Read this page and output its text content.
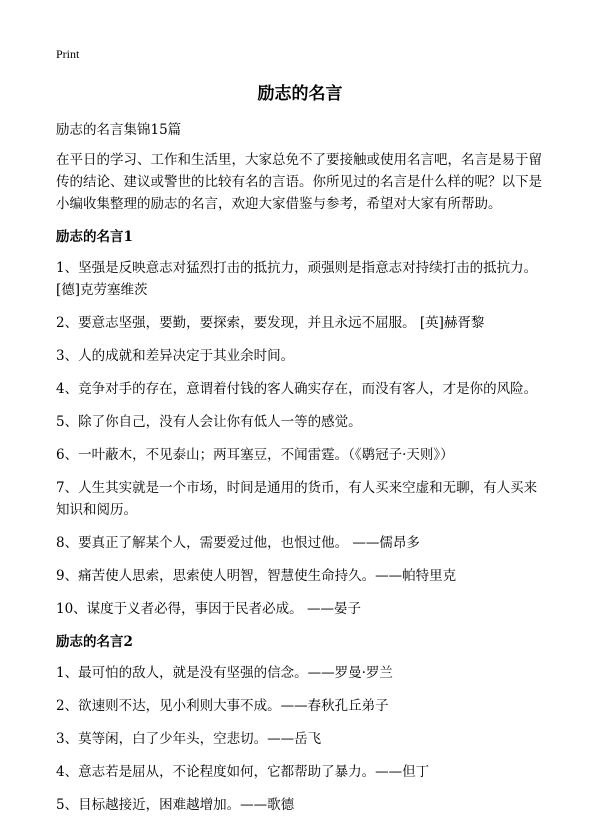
Print
励志的名言

励志的名言集锦15篇

在平日的学习、工作和生活里，大家总免不了要接触或使用名言吧，名言是易于留传的结论、建议或警世的比较有名的言语。你所见过的名言是什么样的呢？以下是小编收集整理的励志的名言，欢迎大家借鉴与参考，希望对大家有所帮助。

励志的名言1
1、坚强是反映意志对猛烈打击的抵抗力，顽强则是指意志对持续打击的抵抗力。[德]克劳塞维茨
2、要意志坚强，要勤，要探索，要发现，并且永远不屈服。 [英]赫胥黎
3、人的成就和差异决定于其业余时间。
4、竞争对手的存在，意谓着付钱的客人确实存在，而没有客人，才是你的风险。
5、除了你自己，没有人会让你有低人一等的感觉。
6、一叶蔽木，不见泰山；两耳塞豆，不闻雷霆。（《鹖冠子·天则》）
7、人生其实就是一个市场，时间是通用的货币，有人买来空虚和无聊，有人买来知识和阅历。
8、要真正了解某个人，需要爱过他，也恨过他。 ——儒昂多
9、痛苦使人思索，思索使人明智，智慧使生命持久。——帕特里克
10、谋度于义者必得，事因于民者必成。 ——晏子
励志的名言2
1、最可怕的敌人，就是没有坚强的信念。——罗曼·罗兰
2、欲速则不达，见小利则大事不成。——春秋孔丘弟子
3、莫等闲，白了少年头，空悲切。——岳飞
4、意志若是屈从，不论程度如何，它都帮助了暴力。——但丁
5、目标越接近，困难越增加。——歌德
